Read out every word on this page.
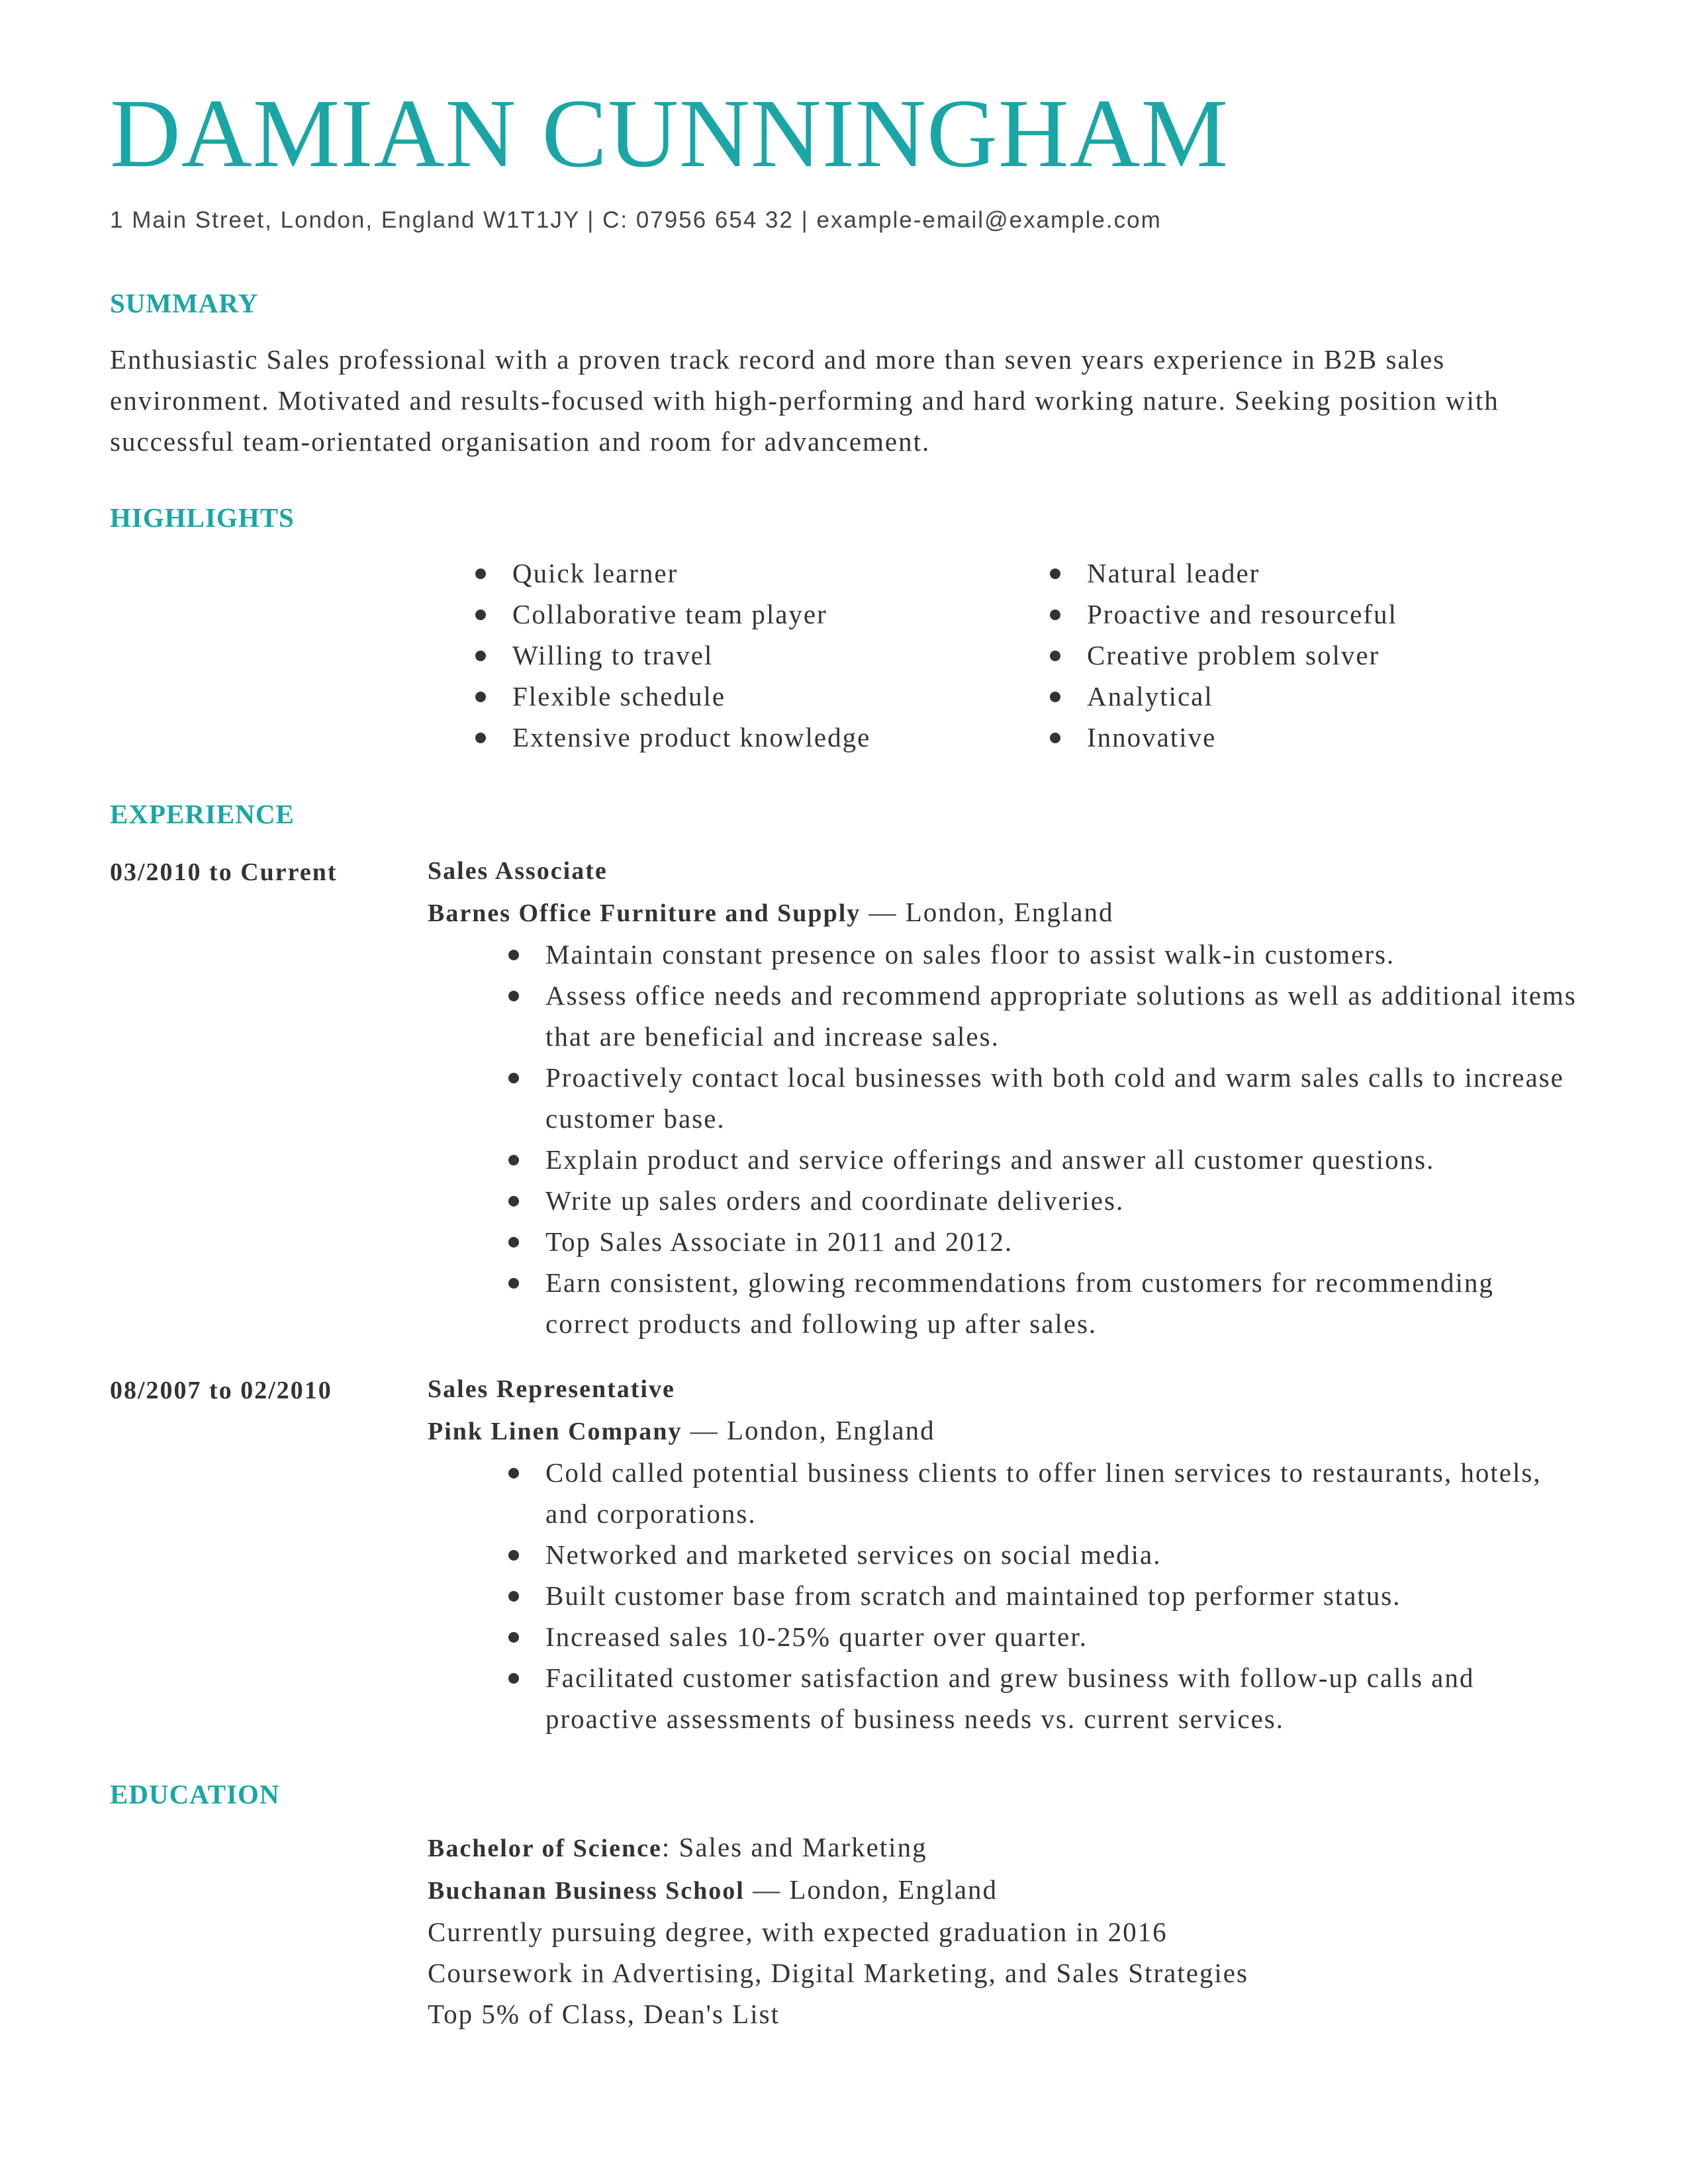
DAMIAN CUNNINGHAM
1 Main Street, London, England W1T1JY | C: 07956 654 32 | example-email@example.com
SUMMARY

Enthusiastic Sales professional with a proven track record and more than seven years experience in B2B sales environment. Motivated and results-focused with high-performing and hard working nature. Seeking position with successful team-orientated organisation and room for advancement.

HIGHLIGHTS
Quick learner
Collaborative team player
Willing to travel
Flexible schedule
Extensive product knowledge
Natural leader
Proactive and resourceful
Creative problem solver
Analytical
Innovative
EXPERIENCE
03/2010 to Current	Sales Associate
Barnes Office Furniture and Supply — London, England
Maintain constant presence on sales floor to assist walk-in customers.
Assess office needs and recommend appropriate solutions as well as additional items that are beneficial and increase sales.
Proactively contact local businesses with both cold and warm sales calls to increase customer base.
Explain product and service offerings and answer all customer questions.
Write up sales orders and coordinate deliveries.
Top Sales Associate in 2011 and 2012.
Earn consistent, glowing recommendations from customers for recommending correct products and following up after sales.
08/2007 to 02/2010	Sales Representative
Pink Linen Company — London, England
Cold called potential business clients to offer linen services to restaurants, hotels, and corporations.
Networked and marketed services on social media.
Built customer base from scratch and maintained top performer status.
Increased sales 10-25% quarter over quarter.
Facilitated customer satisfaction and grew business with follow-up calls and proactive assessments of business needs vs. current services.
EDUCATION
Bachelor of Science: Sales and Marketing
Buchanan Business School — London, England
Currently pursuing degree, with expected graduation in 2016
Coursework in Advertising, Digital Marketing, and Sales Strategies
Top 5% of Class, Dean's List
